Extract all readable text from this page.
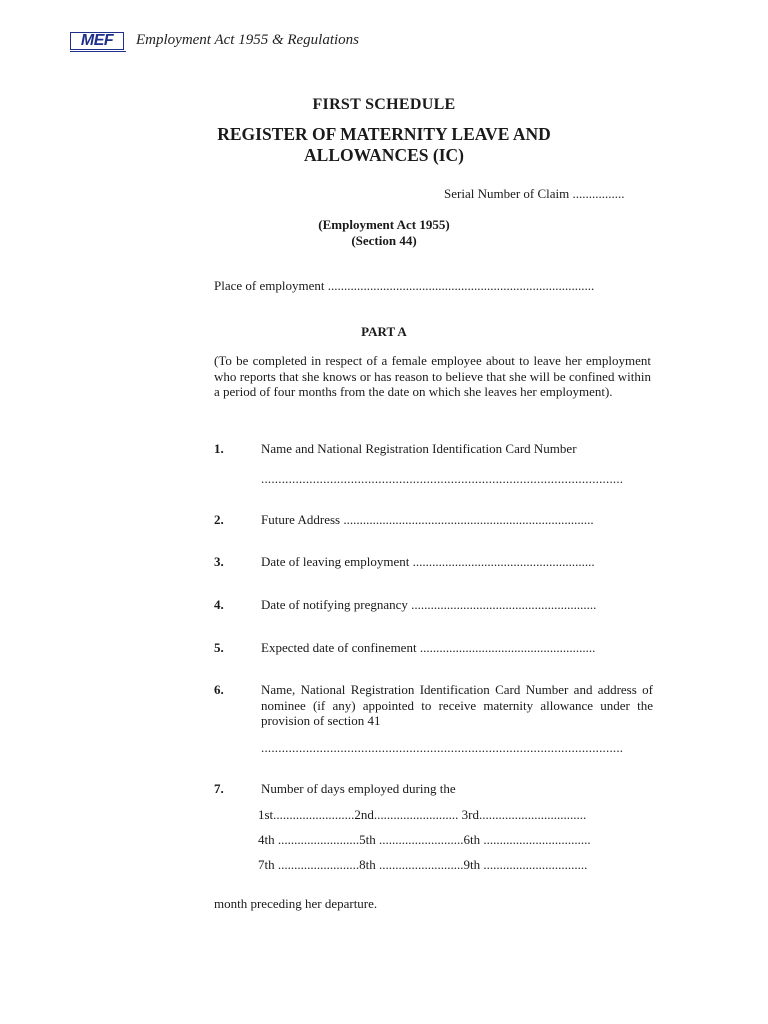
MEF	Employment Act 1955 & Regulations
FIRST SCHEDULE
REGISTER OF MATERNITY LEAVE AND
ALLOWANCES (IC)
Serial Number of Claim ................
(Employment Act 1955)
(Section 44)
Place of employment ..................................................................................
PART A
(To be completed in respect of a female employee about to leave her employment who reports that she knows or has reason to believe that she will be confined within a period of four months from the date on which she leaves her employment).
1.	Name and National Registration Identification Card Number
.........................................................................................................
2.	Future Address .............................................................................
3.	Date of leaving employment ........................................................
4.	Date of notifying pregnancy .........................................................
5.	Expected date of confinement ......................................................
6.	Name, National Registration Identification Card Number and address of nominee (if any) appointed to receive maternity allowance under the provision of section 41
.........................................................................................................
7.	Number of days employed during the
1st.........................2nd.......................... 3rd.................................
4th .........................5th ..........................6th .................................
7th .........................8th ..........................9th ................................
month preceding her departure.
